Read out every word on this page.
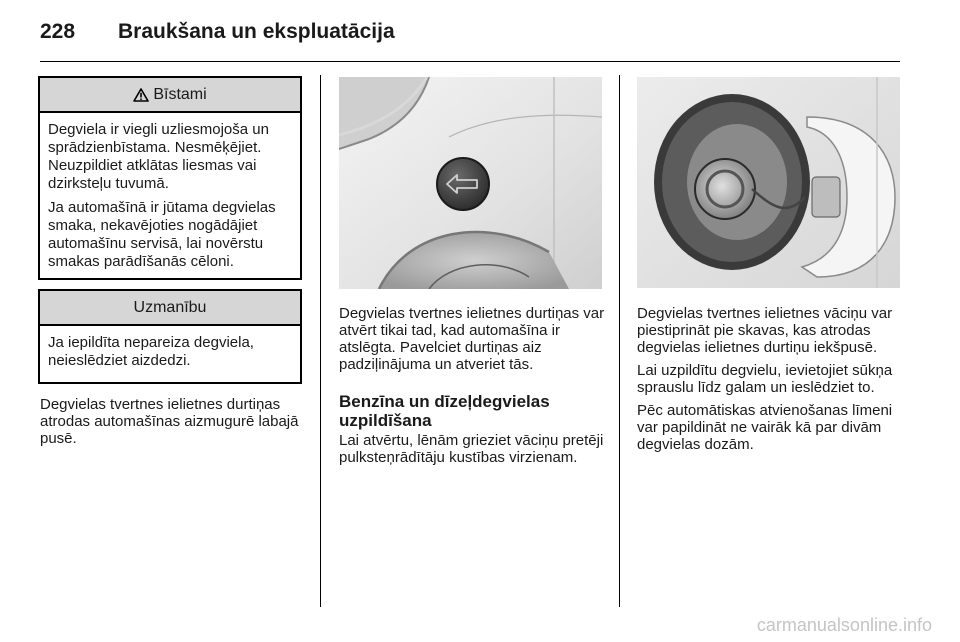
228 Braukšana un ekspluatācija
Bīstami

Degviela ir viegli uzliesmojoša un sprādzienbīstama. Nesmēķējiet. Neuzpildiet atklātas liesmas vai dzirksteļu tuvumā.

Ja automašīnā ir jūtama degvielas smaka, nekavējoties nogādājiet automašīnu servisā, lai novērstu smakas parādīšanās cēloni.

Uzmanību

Ja iepildīta nepareiza degviela, neieslēdziet aizdedzi.

Degvielas tvertnes ielietnes durtiņas atrodas automašīnas aizmugurē labajā pusē.
Degvielas tvertnes ielietnes durtiņas var atvērt tikai tad, kad automašīna ir atslēgta. Pavelciet durtiņas aiz padziļinājuma un atveriet tās.
Benzīna un dīzeļdegvielas uzpildīšana
Lai atvērtu, lēnām grieziet vāciņu pretēji pulksteņrādītāju kustības virzienam.

Degvielas tvertnes ielietnes vāciņu var piestiprināt pie skavas, kas atrodas degvielas ielietnes durtiņu iekšpusē.

Lai uzpildītu degvielu, ievietojiet sūkņa sprauslu līdz galam un ieslēdziet to.

Pēc automātiskas atvienošanas līmeni var papildināt ne vairāk kā par divām degvielas dozām.

carmanualsonline.info
